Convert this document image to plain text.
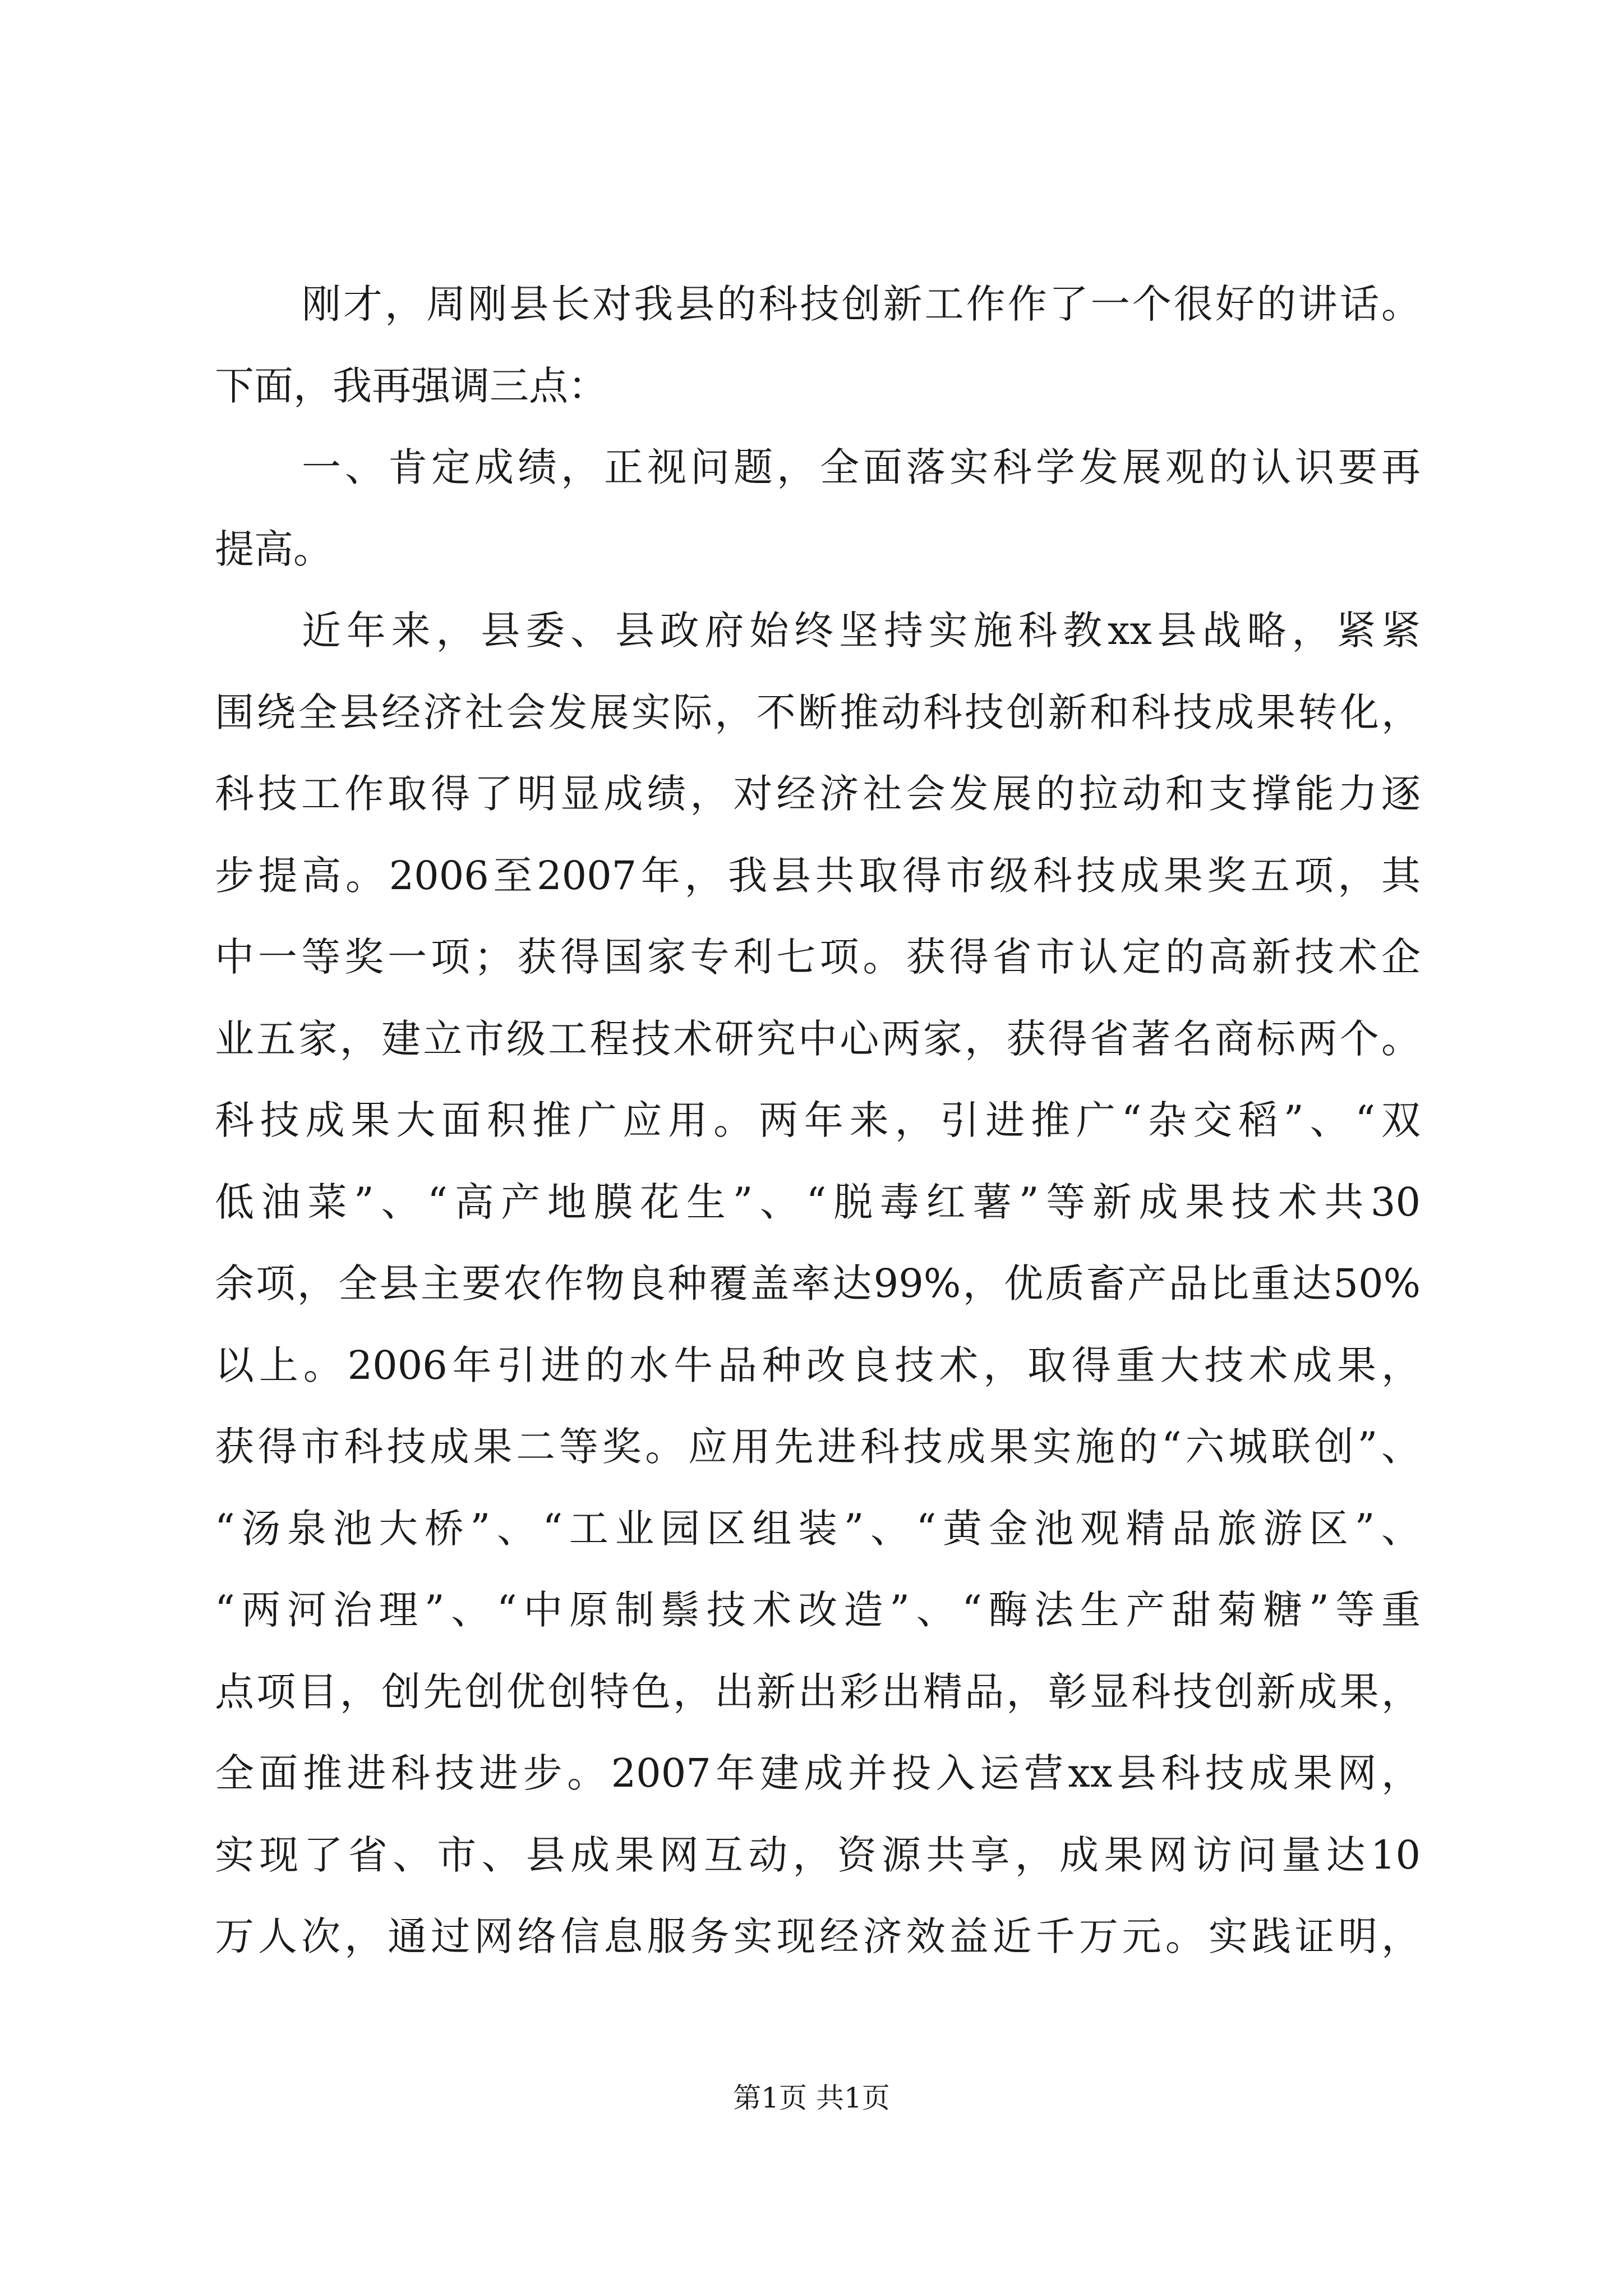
刚才，周刚县长对我县的科技创新工作作了一个很好的讲话。
下面，我再强调三点：
一、肯定成绩，正视问题，全面落实科学发展观的认识要再
提高。
近年来，县委、县政府始终坚持实施科教xx县战略，紧紧
围绕全县经济社会发展实际，不断推动科技创新和科技成果转化，
科技工作取得了明显成绩，对经济社会发展的拉动和支撑能力逐
步提高。2006至2007年，我县共取得市级科技成果奖五项，其
中一等奖一项；获得国家专利七项。获得省市认定的高新技术企
业五家，建立市级工程技术研究中心两家，获得省著名商标两个。
科技成果大面积推广应用。两年来，引进推广“杂交稻”、“双
低油菜”、“高产地膜花生”、“脱毒红薯”等新成果技术共30
余项，全县主要农作物良种覆盖率达99%，优质畜产品比重达50%
以上。2006年引进的水牛品种改良技术，取得重大技术成果，
获得市科技成果二等奖。应用先进科技成果实施的“六城联创”、
“汤泉池大桥”、“工业园区组装”、“黄金池观精品旅游区”、
“两河治理”、“中原制鬃技术改造”、“酶法生产甜菊糖”等重
点项目，创先创优创特色，出新出彩出精品，彰显科技创新成果，
全面推进科技进步。2007年建成并投入运营xx县科技成果网，
实现了省、市、县成果网互动，资源共享，成果网访问量达10
万人次，通过网络信息服务实现经济效益近千万元。实践证明，
第1页 共1页
